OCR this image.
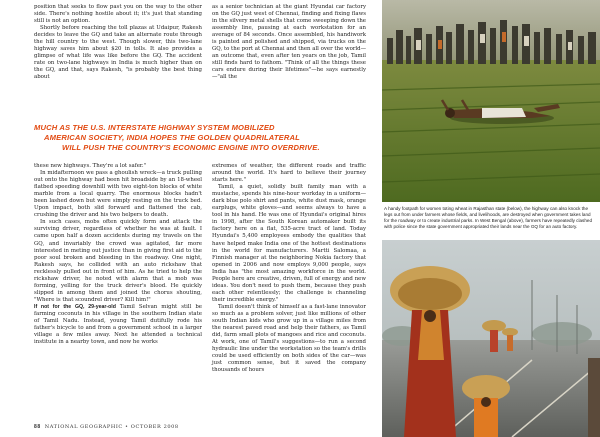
position that seeks to flow past you on the way to the other side. There's nothing hostile about it; it's just that standing still is not an option.

Shortly before reaching the toll plazas at Udaipur, Rakesh decides to leave the GQ and take an alternate route through the hill country to the west. Though slower, this two-lane highway saves him about $20 in tolls. It also provides a glimpse of what life was like before the GQ. The accident rate on two-lane highways in India is much higher than on the GQ, and that, says Rakesh, "is probably the best thing about

as a senior technician at the giant Hyundai car factory on the GQ just west of Chennai, finding and fixing flaws in the silvery metal shells that come sweeping down the assembly line, pausing at each workstation for an average of 84 seconds. Once assembled, his handiwork is painted and polished and shipped, via trucks on the GQ, to the port at Chennai and then all over the world—an outcome that, even after ten years on the job, Tamil still finds hard to fathom. "Think of all the things these cars endure during their lifetimes"—he says earnestly—"all the

MUCH AS THE U.S. INTERSTATE HIGHWAY SYSTEM MOBILIZED
AMERICAN SOCIETY, INDIA HOPES THE GOLDEN QUADRILATERAL
WILL PUSH THE COUNTRY'S ECONOMIC ENGINE INTO OVERDRIVE.

these new highways. They're a lot safer."

In midafternoon we pass a ghoulish wreck—a truck pulling out onto the highway had been hit broadside by an 18-wheel flatbed speeding downhill with two eight-ton blocks of white marble from a local quarry. The enormous blocks hadn't been lashed down but were simply resting on the truck bed. Upon impact, both slid forward and flattened the cab, crushing the driver and his two helpers to death.

In such cases, mobs often quickly form and attack the surviving driver, regardless of whether he was at fault. I came upon half a dozen accidents during my travels on the GQ, and invariably the crowd was agitated, far more interested in meting out justice than in giving first aid to the poor soul broken and bleeding in the roadway. One night, Rakesh says, he collided with an auto rickshaw that recklessly pulled out in front of him. As he tried to help the rickshaw driver, he noted with alarm that a mob was forming, yelling for the truck driver's blood. He quickly slipped in among them and joined the chorus shouting, "Where is that scoundrel driver? Kill him!"

If not for the GQ, 29-year-old Tamil Selvan might still be farming coconuts in his village in the southern Indian state of Tamil Nadu. Instead, young Tamil dutifully rode his father's bicycle to and from a government school in a larger village a few miles away. Next he attended a technical institute in a nearby town, and now he works

extremes of weather, the different roads and traffic around the world. It's hard to believe their journey starts here."

Tamil, a quiet, solidly built family man with a mustache, spends his nine-hour workday in a uniform—dark blue polo shirt and pants, white dust mask, orange earplugs, white gloves—and seems always to have a tool in his hand. He was one of Hyundai's original hires in 1998, after the South Korean automaker built its factory here on a flat, 535-acre tract of land. Today Hyundai's 5,400 employees embody the qualities that have helped make India one of the hottest destinations in the world for manufacturers. Martti Salomaa, a Finnish manager at the neighboring Nokia factory that opened in 2006 and now employs 9,000 people, says India has "the most amazing workforce in the world. People here are creative, driven, full of energy and new ideas. You don't need to push them, because they push each other relentlessly; the challenge is channeling their incredible energy."

Tamil doesn't think of himself as a fast-lane innovator so much as a problem solver, just like millions of other south Indian kids who grow up in a village miles from the nearest paved road and help their fathers, as Tamil did, farm small plots of mangoes and rice and coconuts. At work, one of Tamil's suggestions—to run a second hydraulic line under the workstation so the team's drills could be used efficiently on both sides of the car—was just common sense, but it saved the company thousands of hours

A handy footpath for women toting wheat in Rajasthan state (below), the highway can also knock the legs out from under farmers whose fields, and livelihoods, are destroyed when government takes land for the roadway or to create industrial parks. In West Bengal (above), farmers have repeatedly clashed with police since the state government appropriated their lands near the GQ for an auto factory.
88 NATIONAL GEOGRAPHIC • OCTOBER 2008
